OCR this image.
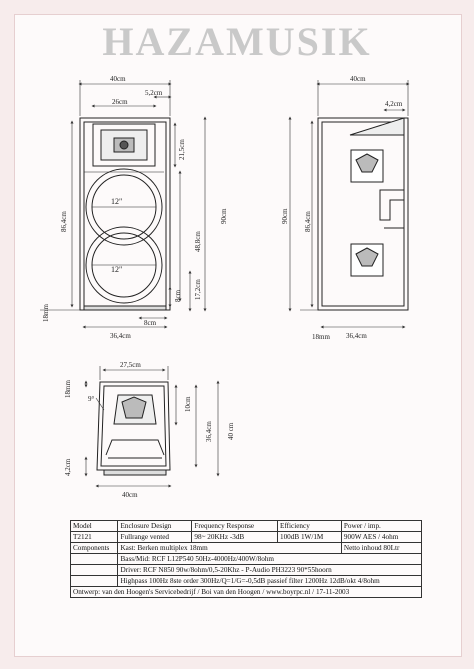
HAZAMUSIK
12"
12"
40cm
26cm
5,2cm
21,5cm
90cm
86,4cm
48,8cm
17,2cm
8cm
18mm
8cm
36,4cm
40cm
4,2cm
90cm 86,4cm
36,4cm
18mm
27,5cm
18mm
9°	10cm
36,4cm 40 cm
4,2cm
40cm
Model	Enclosure Design	Frequency Response	Efficiency	Power / imp.
T2121	Fullrange vented	98~ 20KHz -3dB	100dB 1W/1M	900W AES / 4ohm
Components	Kast: Berken multiplex 18mm			Netto inhoud 80Ltr
	Bass/Mid: RCF L12P540 50Hz-4000Hz/400W/8ohm			
	Driver: RCF N850 90w/8ohm/0,5-20Khz - P-Audio PH3223 90*55hoorn			
	Highpass 100Hz 8ste order 300Hz/Q=1/G=-0,5dB passief filter 1200Hz 12dB/okt 4/8ohm			
Ontwerp: van den Hoogen's Servicebedrijf / Boi van den Hoogen / www.boyrpc.nl / 17-11-2003				
